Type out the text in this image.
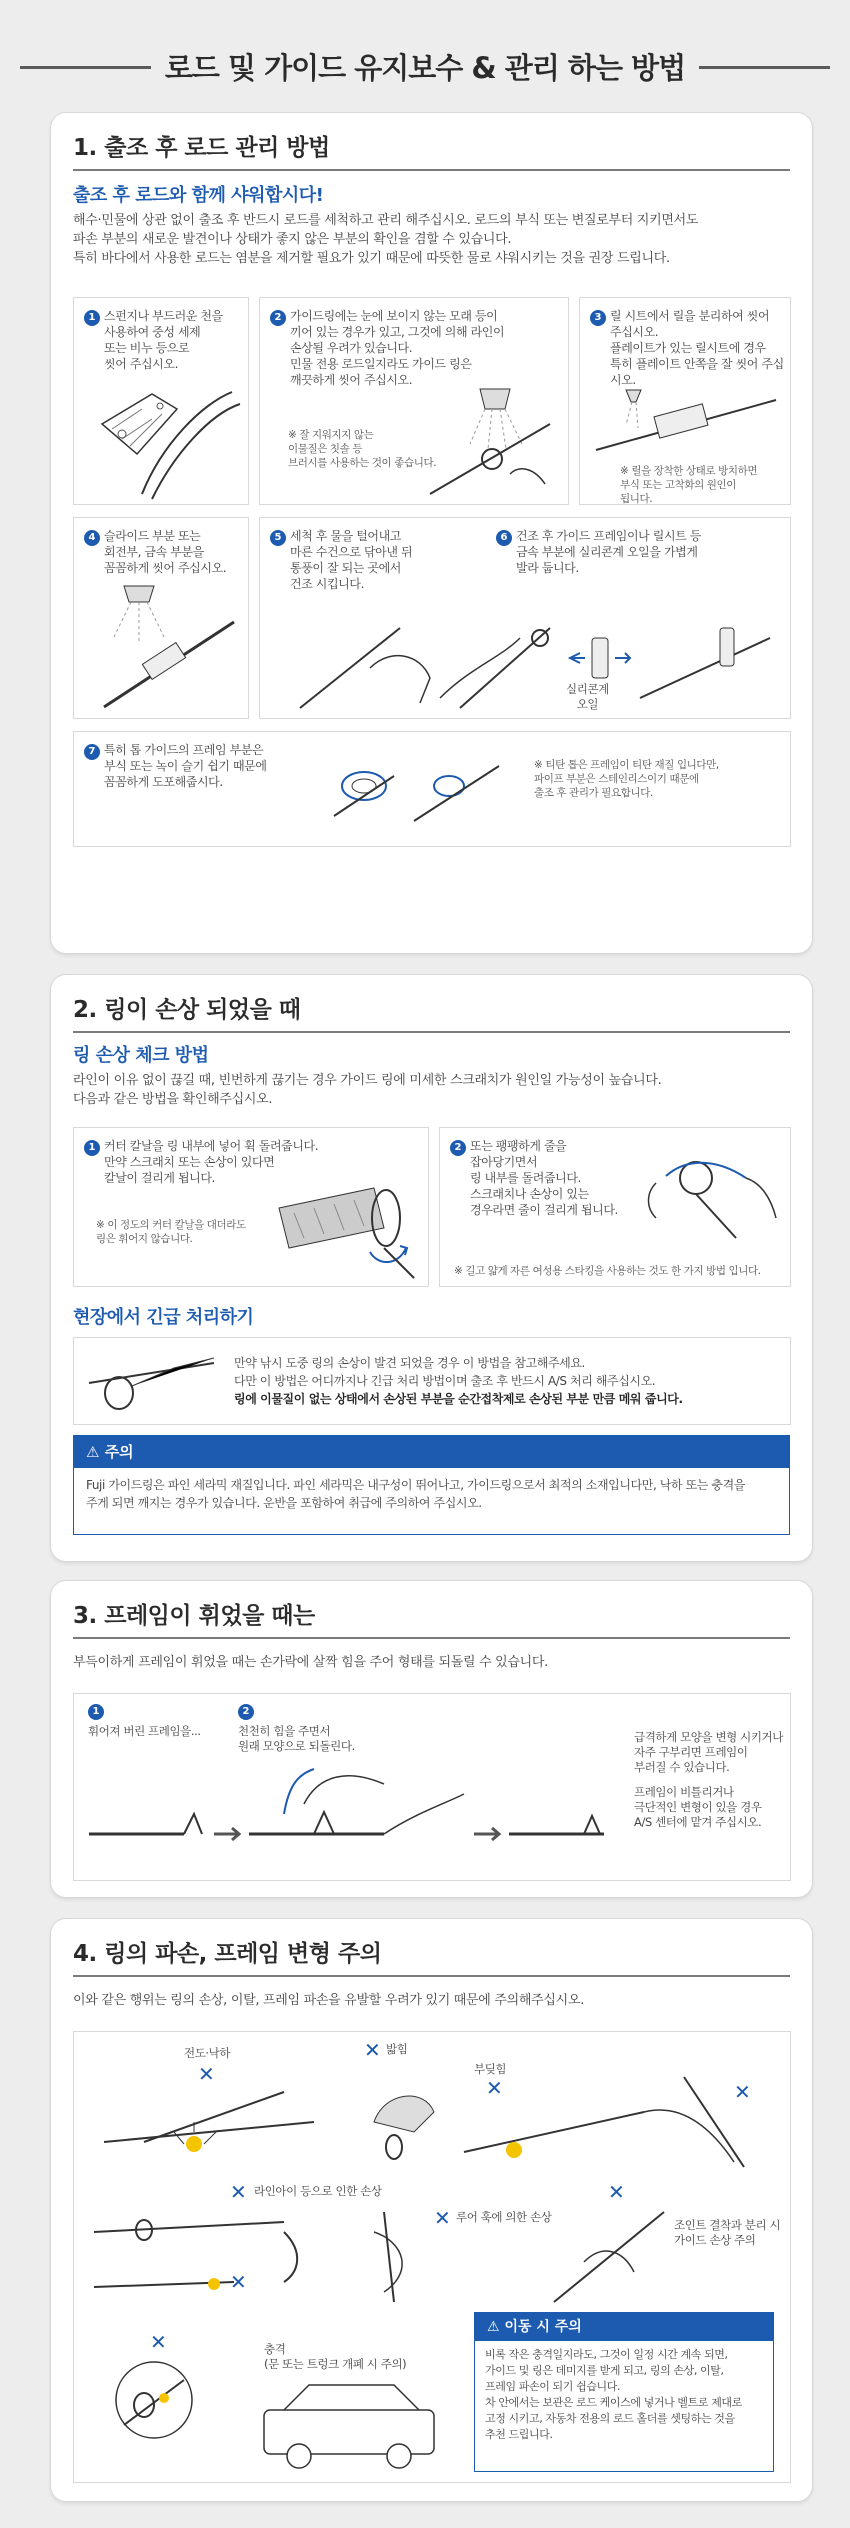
로드 및 가이드 유지보수 & 관리 하는 방법
1. 출조 후 로드 관리 방법
출조 후 로드와 함께 샤워합시다!
해수·민물에 상관 없이 출조 후 반드시 로드를 세척하고 관리 해주십시오. 로드의 부식 또는 변질로부터 지키면서도
파손 부분의 새로운 발견이나 상태가 좋지 않은 부분의 확인을 겸할 수 있습니다.
특히 바다에서 사용한 로드는 염분을 제거할 필요가 있기 때문에 따뜻한 물로 샤워시키는 것을 권장 드립니다.
1 스펀지나 부드러운 천을
사용하여 중성 세제
또는 비누 등으로
씻어 주십시오.
2 가이드링에는 눈에 보이지 않는 모래 등이
끼어 있는 경우가 있고, 그것에 의해 라인이
손상될 우려가 있습니다.
민물 전용 로드일지라도 가이드 링은
깨끗하게 씻어 주십시오.
※ 잘 지워지지 않는
이물질은 칫솔 등
브러시를 사용하는 것이 좋습니다.
3 릴 시트에서 릴을 분리하여 씻어
주십시오.
플레이트가 있는 릴시트에 경우
특히 플레이트 안쪽을 잘 씻어 주십시오.
※ 릴을 장착한 상태로 방치하면
부식 또는 고착화의 원인이
됩니다.
4 슬라이드 부분 또는
회전부, 금속 부분을
꼼꼼하게 씻어 주십시오.
5 세척 후 물을 털어내고
마른 수건으로 닦아낸 뒤
통풍이 잘 되는 곳에서
건조 시킵니다.
6 건조 후 가이드 프레임이나 릴시트 등
금속 부분에 실리콘계 오일을 가볍게
발라 둡니다.
실리콘계
오일
7 특히 톱 가이드의 프레임 부분은
부식 또는 녹이 슬기 쉽기 때문에
꼼꼼하게 도포해줍시다.
※ 티탄 톱은 프레임이 티탄 재질 입니다만,
파이프 부분은 스테인리스이기 때문에
출조 후 관리가 필요합니다.
2. 링이 손상 되었을 때
링 손상 체크 방법
라인이 이유 없이 끊길 때, 빈번하게 끊기는 경우 가이드 링에 미세한 스크래치가 원인일 가능성이 높습니다.
다음과 같은 방법을 확인해주십시오.
1 커터 칼날을 링 내부에 넣어 휙 돌려줍니다.
만약 스크래치 또는 손상이 있다면
칼날이 걸리게 됩니다.
※ 이 정도의 커터 칼날을 대더라도
링은 휘어지 않습니다.
2 또는 팽팽하게 줄을
잡아당기면서
링 내부를 돌려줍니다.
스크래치나 손상이 있는
경우라면 줄이 걸리게 됩니다.
※ 길고 얇게 자른 여성용 스타킹을 사용하는 것도 한 가지 방법 입니다.
현장에서 긴급 처리하기
만약 낚시 도중 링의 손상이 발견 되었을 경우 이 방법을 참고해주세요.
다만 이 방법은 어디까지나 긴급 처리 방법이며 출조 후 반드시 A/S 처리 해주십시오.
링에 이물질이 없는 상태에서 손상된 부분을 순간접착제로 손상된 부분 만큼 메워 줍니다.
⚠ 주의
Fuji 가이드링은 파인 세라믹 재질입니다. 파인 세라믹은 내구성이 뛰어나고, 가이드링으로서 최적의 소재입니다만, 낙하 또는 충격을
주게 되면 깨지는 경우가 있습니다. 운반을 포함하여 취급에 주의하여 주십시오.
3. 프레임이 휘었을 때는
부득이하게 프레임이 휘었을 때는 손가락에 살짝 힘을 주어 형태를 되돌릴 수 있습니다.
1
휘어져 버린 프레임을...
2
천천히 힘을 주면서
원래 모양으로 되돌린다.
급격하게 모양을 변형 시키거나
자주 구부리면 프레임이
부러질 수 있습니다.
프레임이 비틀리거나
극단적인 변형이 있을 경우
A/S 센터에 맡겨 주십시오.
4. 링의 파손, 프레임 변형 주의
이와 같은 행위는 링의 손상, 이탈, 프레임 파손을 유발할 우려가 있기 때문에 주의해주십시오.
전도·낙하
✕
✕ 밟힘
부딪힘
✕	✕
✕ 라인아이 등으로 인한 손상
✕ 루어 훅에 의한 손상
✕
조인트 결착과 분리 시
가이드 손상 주의
✕
✕	충격
(문 또는 트렁크 개폐 시 주의)
⚠ 이동 시 주의
비록 작은 충격일지라도, 그것이 일정 시간 계속 되면,
가이드 및 링은 데미지를 받게 되고, 링의 손상, 이탈,
프레임 파손이 되기 쉽습니다.
차 안에서는 보관은 로드 케이스에 넣거나 벨트로 제대로
고정 시키고, 자동차 전용의 로드 홀더를 셋팅하는 것을
추천 드립니다.
